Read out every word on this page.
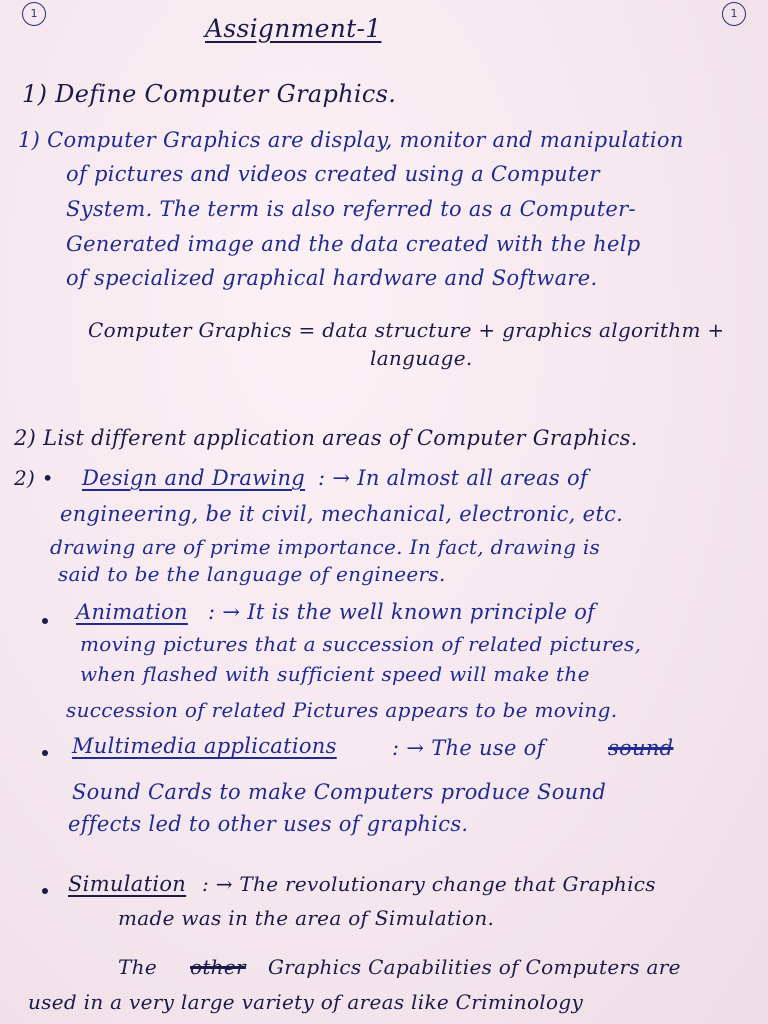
1	1
Assignment-1
1) Define Computer Graphics.
1) Computer Graphics are display, monitor and manipulation
of pictures and videos created using a Computer
System. The term is also referred to as a Computer-
Generated image and the data created with the help
of specialized graphical hardware and Software.
Computer Graphics = data structure + graphics algorithm +
language.
2) List different application areas of Computer Graphics.
2) • Design and Drawing : → In almost all areas of
engineering, be it civil, mechanical, electronic, etc.
drawing are of prime importance. In fact, drawing is
said to be the language of engineers.
Animation : → It is the well known principle of
moving pictures that a succession of related pictures,
when flashed with sufficient speed will make the
succession of related Pictures appears to be moving.
Multimedia applications	: → The use of	sound
Sound Cards to make Computers produce Sound
effects led to other uses of graphics.
Simulation : → The revolutionary change that Graphics
made was in the area of Simulation.
The other Graphics Capabilities of Computers are
used in a very large variety of areas like Criminology
